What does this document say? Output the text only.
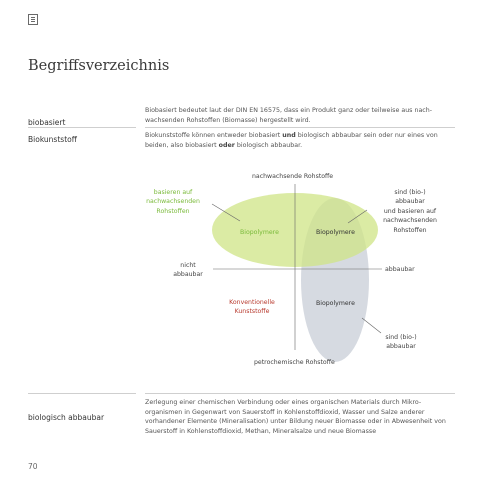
Begriffsverzeichnis
Biobasiert bedeutet laut der DIN EN 16575, dass ein Produkt ganz oder teilweise aus nach-wachsenden Rohstoffen (Biomasse) hergestellt wird.
biobasiert
Biokunststoff	Biokunststoffe können entweder biobasiert und biologisch abbaubar sein oder nur eines von beiden, also biobasiert oder biologisch abbaubar.
nachwachsende Rohstoffe
petrochemische Rohstoffe
nicht
abbaubar
abbaubar
basieren auf
nachwachsenden
Rohstoffen
Biopolymere	Biopolymere
sind (bio-)
abbaubar
und basieren auf
nachwachsenden
Rohstoffen
Konventionelle
Kunststoffe
Biopolymere
sind (bio-)
abbaubar
Zerlegung einer chemischen Verbindung oder eines organischen Materials durch Mikro-organismen in Gegenwart von Sauerstoff in Kohlenstoffdioxid, Wasser und Salze anderer vorhandener Elemente (Mineralisation) unter Bildung neuer Biomasse oder in Abwesenheit von Sauerstoff in Kohlenstoffdioxid, Methan, Mineralsalze und neue Biomasse
biologisch abbaubar
70
